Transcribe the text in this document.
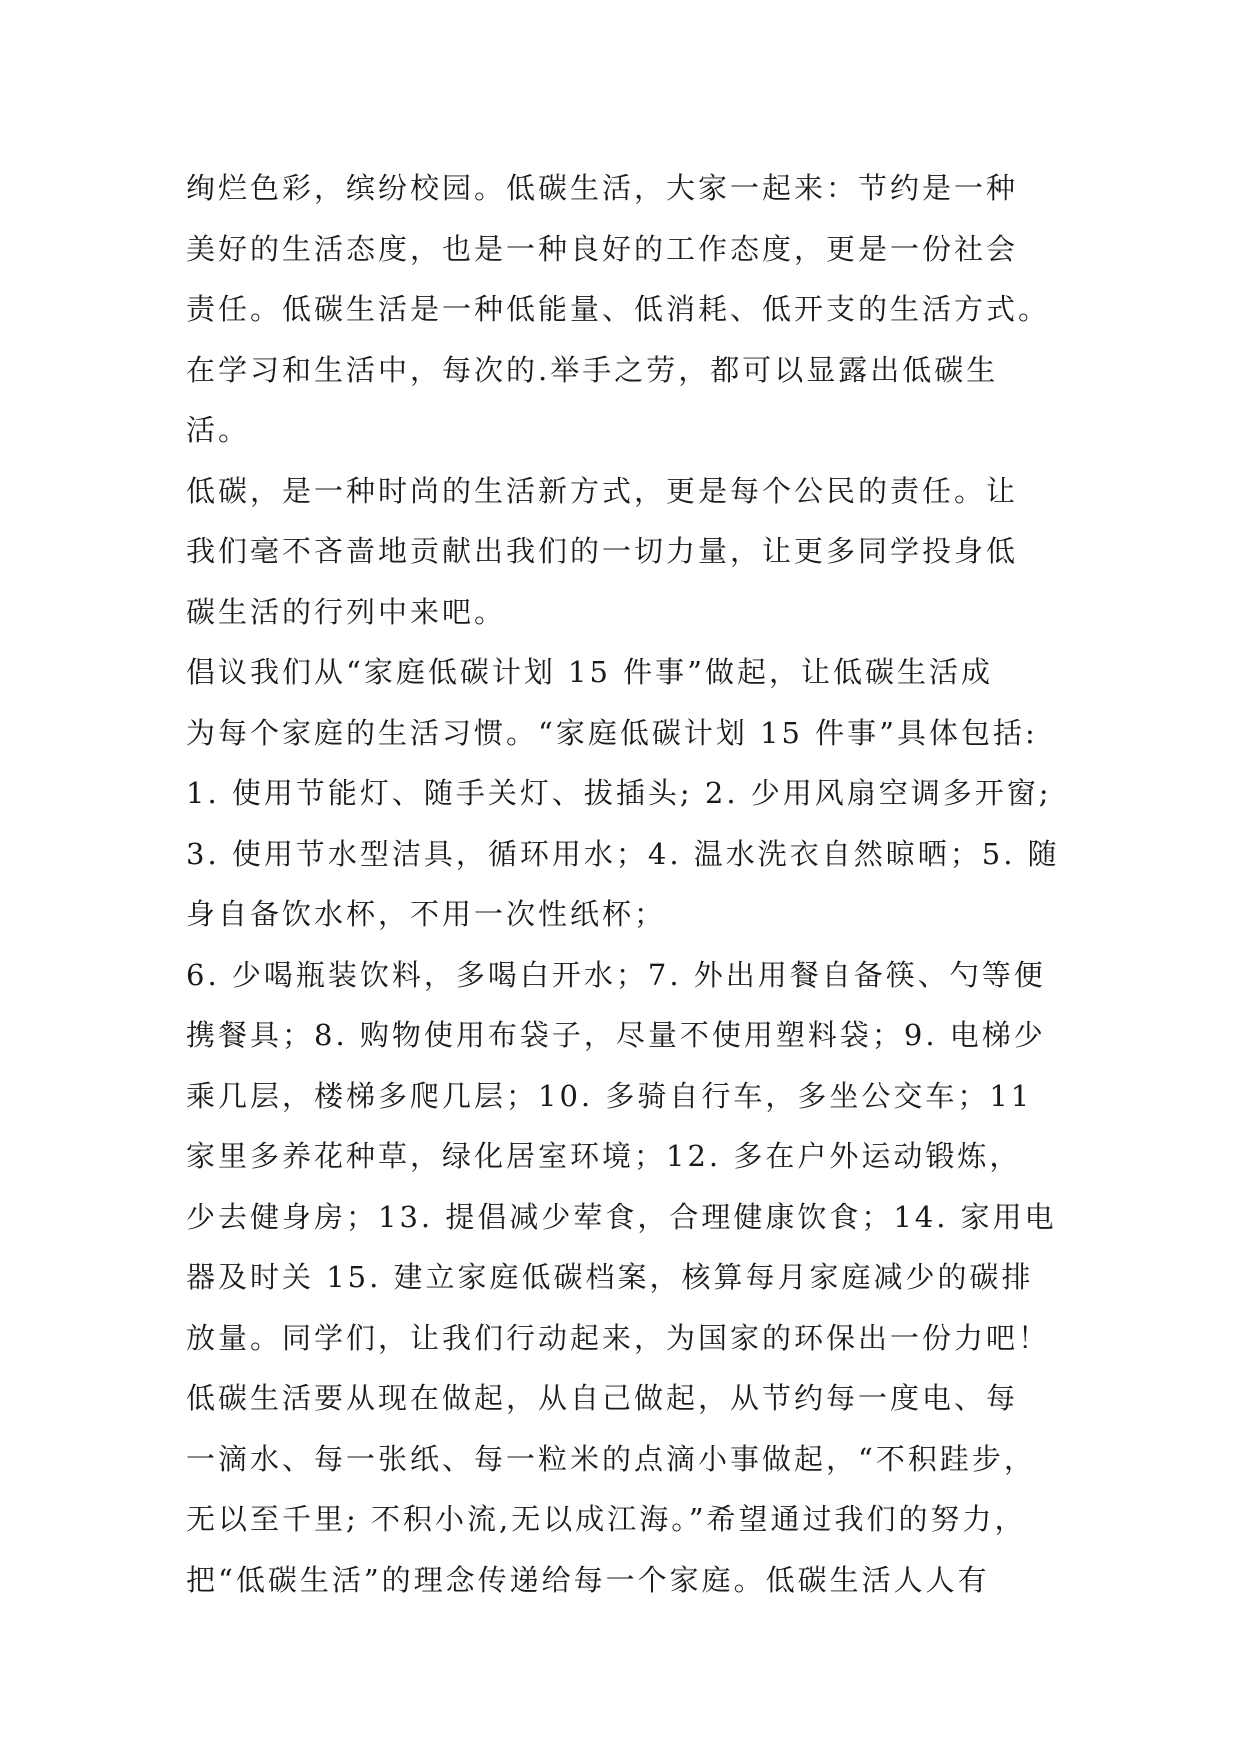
绚烂色彩，缤纷校园。低碳生活，大家一起来：节约是一种
美好的生活态度，也是一种良好的工作态度，更是一份社会
责任。低碳生活是一种低能量、低消耗、低开支的生活方式。
在学习和生活中，每次的.举手之劳，都可以显露出低碳生
活。
低碳，是一种时尚的生活新方式，更是每个公民的责任。让
我们毫不吝啬地贡献出我们的一切力量，让更多同学投身低
碳生活的行列中来吧。
倡议我们从“家庭低碳计划 15 件事”做起，让低碳生活成
为每个家庭的生活习惯。“家庭低碳计划 15 件事”具体包括:
1. 使用节能灯、随手关灯、拔插头; 2. 少用风扇空调多开窗;
3. 使用节水型洁具，循环用水；4. 温水洗衣自然晾晒；5. 随
身自备饮水杯，不用一次性纸杯；
6. 少喝瓶装饮料，多喝白开水；7. 外出用餐自备筷、勺等便
携餐具；8. 购物使用布袋子，尽量不使用塑料袋；9. 电梯少
乘几层，楼梯多爬几层；10. 多骑自行车，多坐公交车；11
家里多养花种草，绿化居室环境；12. 多在户外运动锻炼，
少去健身房；13. 提倡减少荤食，合理健康饮食；14. 家用电
器及时关 15. 建立家庭低碳档案，核算每月家庭减少的碳排
放量。同学们，让我们行动起来，为国家的环保出一份力吧！
低碳生活要从现在做起，从自己做起，从节约每一度电、每
一滴水、每一张纸、每一粒米的点滴小事做起，“不积跬步，
无以至千里; 不积小流,无以成江海。”希望通过我们的努力，
把“低碳生活”的理念传递给每一个家庭。低碳生活人人有
